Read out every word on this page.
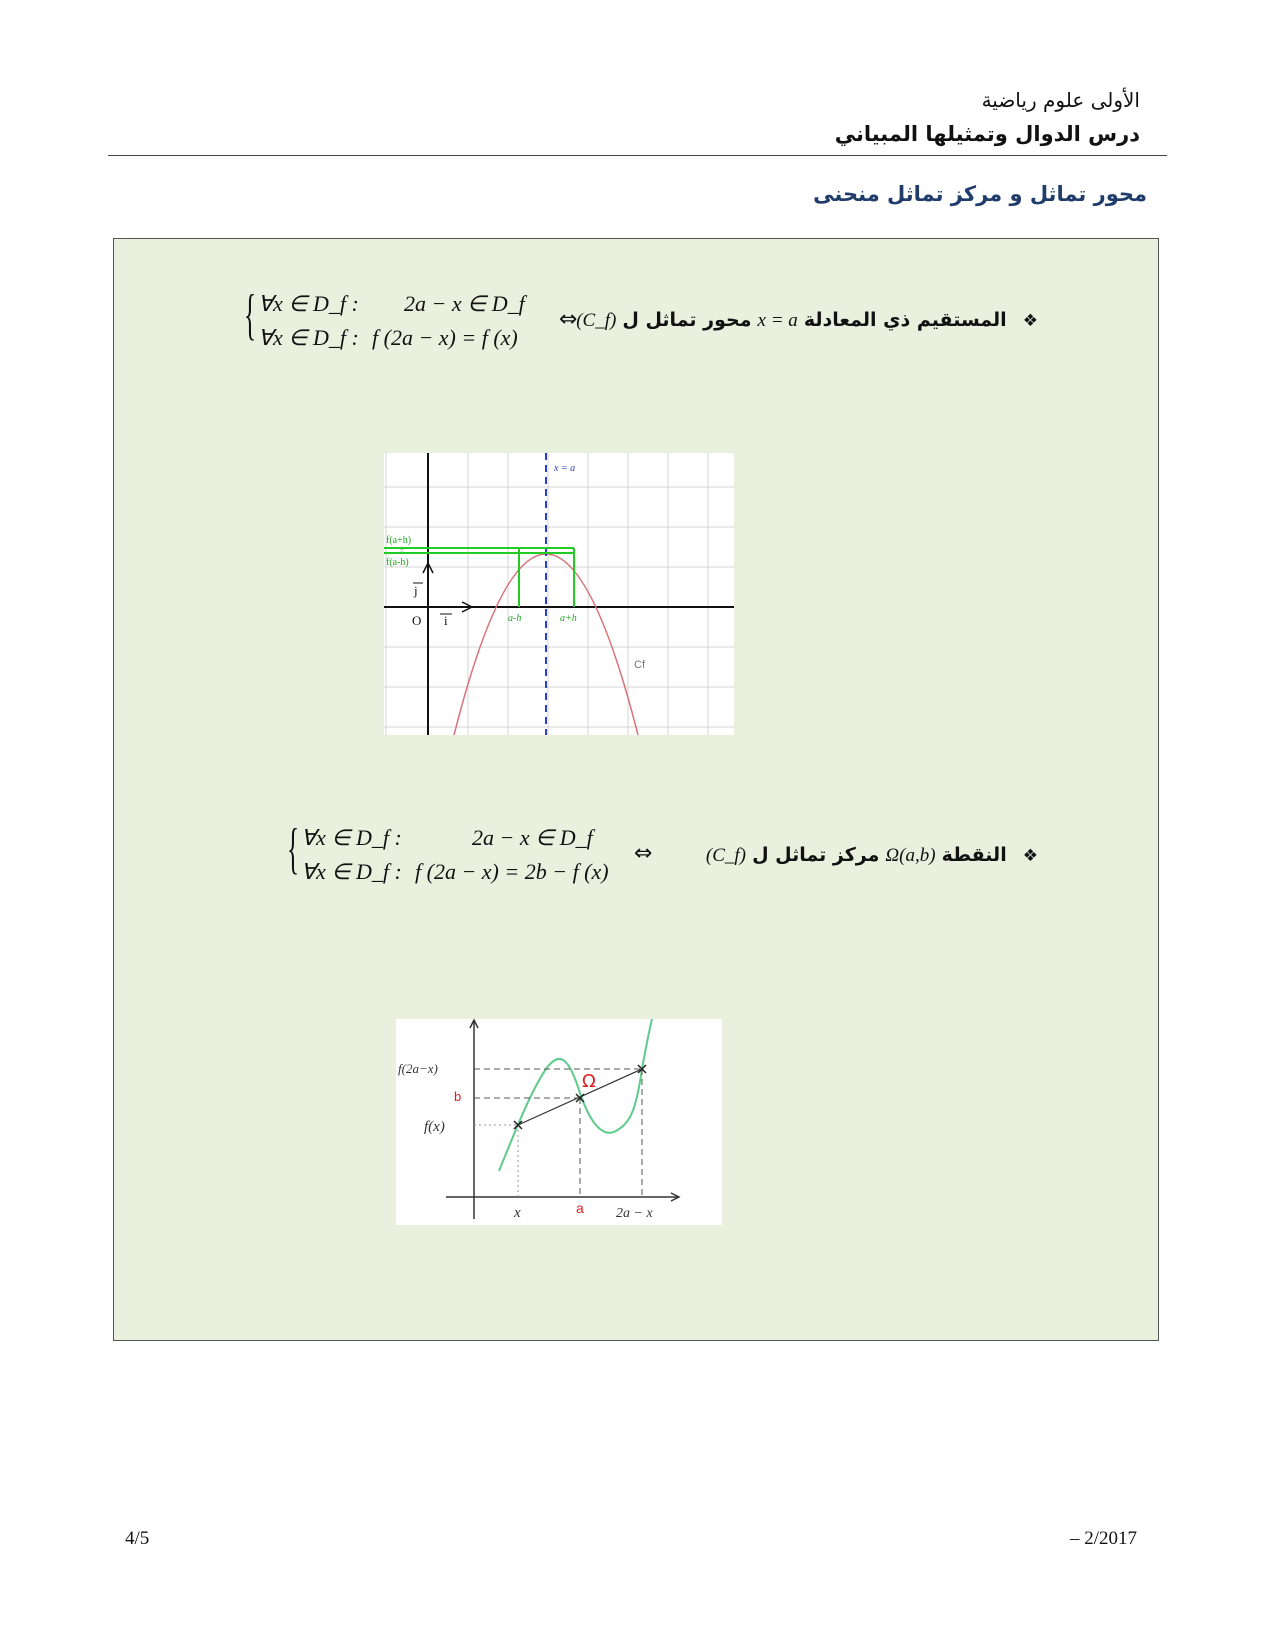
الأولى علوم رياضية
درس الدوال وتمثيلها المبياني
محور تماثل و مركز تماثل منحنى
❖ المستقيم ذي المعادلة x = a محور تماثل ل (C_f)
⇔

{

∀x ∈ D_f :

2a − x ∈ D_f

∀x ∈ D_f :

f (2a − x) = f (x)

x = a
f(a+h)
=
f(a-h)
j
O i	a-h	a+h
Cf
❖ النقطة Ω(a,b) مركز تماثل ل (C_f)
⇔

{

∀x ∈ D_f :

	2a − x ∈ D_f

∀x ∈ D_f :

f (2a − x) = 2b − f (x)

Ω
f(2a−x)
b
f(x)
x	a 2a − x
4/5	– 2/2017
